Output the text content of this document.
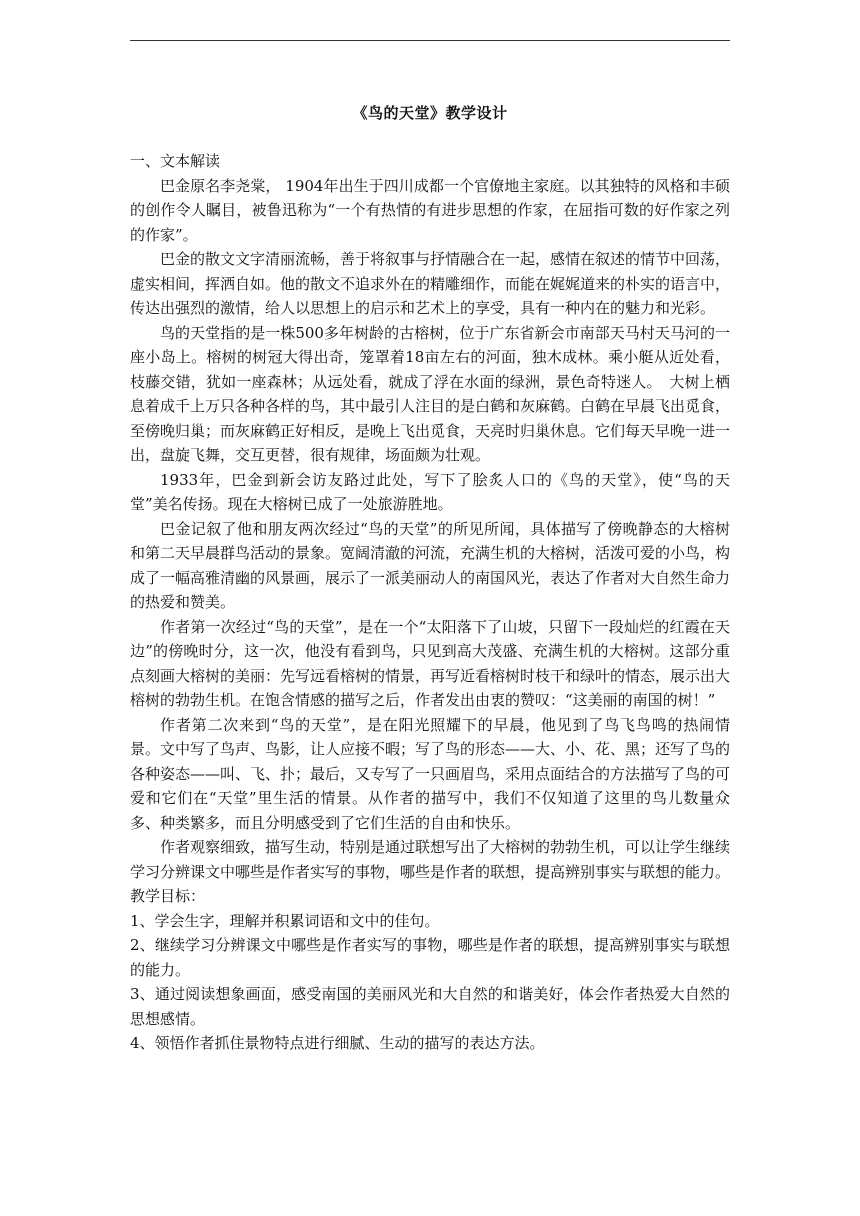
《鸟的天堂》教学设计
一、文本解读

巴金原名李尧棠， 1904年出生于四川成都一个官僚地主家庭。以其独特的风格和丰硕的创作令人瞩目，被鲁迅称为“一个有热情的有进步思想的作家，在屈指可数的好作家之列的作家”。

巴金的散文文字清丽流畅，善于将叙事与抒情融合在一起，感情在叙述的情节中回荡，虚实相间，挥洒自如。他的散文不追求外在的精雕细作，而能在娓娓道来的朴实的语言中，传达出强烈的激情，给人以思想上的启示和艺术上的享受，具有一种内在的魅力和光彩。

鸟的天堂指的是一株500多年树龄的古榕树，位于广东省新会市南部天马村天马河的一座小岛上。榕树的树冠大得出奇，笼罩着18亩左右的河面，独木成林。乘小艇从近处看，枝藤交错，犹如一座森林；从远处看，就成了浮在水面的绿洲，景色奇特迷人。　大树上栖息着成千上万只各种各样的鸟，其中最引人注目的是白鹤和灰麻鹤。白鹤在早晨飞出觅食，至傍晚归巢；而灰麻鹤正好相反，是晚上飞出觅食，天亮时归巢休息。它们每天早晚一进一出，盘旋飞舞，交互更替，很有规律，场面颇为壮观。

1933年，巴金到新会访友路过此处，写下了脍炙人口的《鸟的天堂》，使“鸟的天堂”美名传扬。现在大榕树已成了一处旅游胜地。

巴金记叙了他和朋友两次经过“鸟的天堂”的所见所闻，具体描写了傍晚静态的大榕树和第二天早晨群鸟活动的景象。宽阔清澈的河流，充满生机的大榕树，活泼可爱的小鸟，构成了一幅高雅清幽的风景画，展示了一派美丽动人的南国风光，表达了作者对大自然生命力的热爱和赞美。

作者第一次经过“鸟的天堂”，是在一个“太阳落下了山坡，只留下一段灿烂的红霞在天边”的傍晚时分，这一次，他没有看到鸟，只见到高大茂盛、充满生机的大榕树。这部分重点刻画大榕树的美丽：先写远看榕树的情景，再写近看榕树时枝干和绿叶的情态，展示出大榕树的勃勃生机。在饱含情感的描写之后，作者发出由衷的赞叹：“这美丽的南国的树！”

作者第二次来到“鸟的天堂”，是在阳光照耀下的早晨，他见到了鸟飞鸟鸣的热闹情景。文中写了鸟声、鸟影，让人应接不暇；写了鸟的形态——大、小、花、黑；还写了鸟的各种姿态——叫、飞、扑；最后，又专写了一只画眉鸟，采用点面结合的方法描写了鸟的可爱和它们在“天堂”里生活的情景。从作者的描写中，我们不仅知道了这里的鸟儿数量众多、种类繁多，而且分明感受到了它们生活的自由和快乐。

作者观察细致，描写生动，特别是通过联想写出了大榕树的勃勃生机，可以让学生继续学习分辨课文中哪些是作者实写的事物，哪些是作者的联想，提高辨别事实与联想的能力。

教学目标：

1、学会生字，理解并积累词语和文中的佳句。

2、继续学习分辨课文中哪些是作者实写的事物，哪些是作者的联想，提高辨别事实与联想的能力。

3、通过阅读想象画面，感受南国的美丽风光和大自然的和谐美好，体会作者热爱大自然的思想感情。

4、领悟作者抓住景物特点进行细腻、生动的描写的表达方法。
